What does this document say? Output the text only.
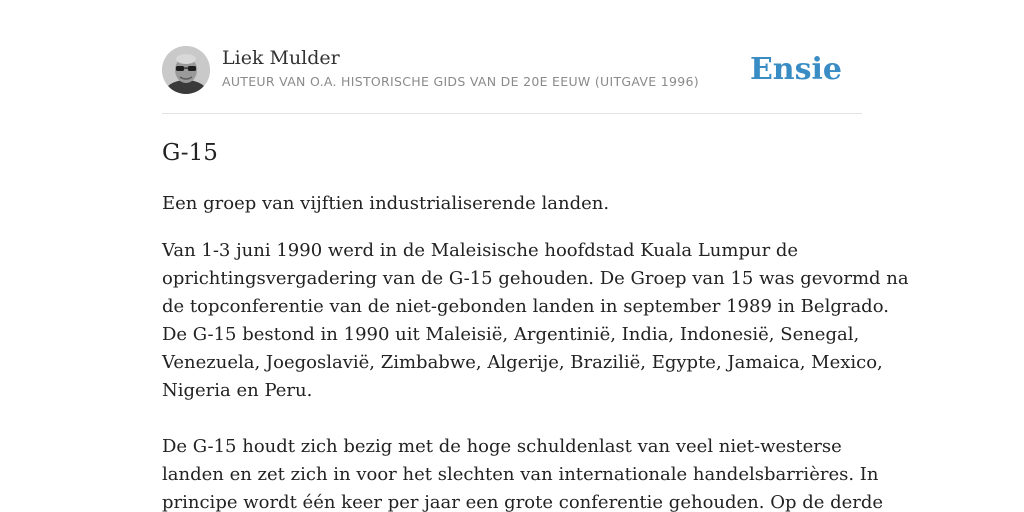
Liek Mulder
AUTEUR VAN O.A. HISTORISCHE GIDS VAN DE 20E EEUW (UITGAVE 1996) Ensie
G-15

Een groep van vijftien industrialiserende landen.

Van 1-3 juni 1990 werd in de Maleisische hoofdstad Kuala Lumpur de
oprichtingsvergadering van de G-15 gehouden. De Groep van 15 was gevormd na
de topconferentie van de niet-gebonden landen in september 1989 in Belgrado.
De G-15 bestond in 1990 uit Maleisië, Argentinië, India, Indonesië, Senegal,
Venezuela, Joegoslavië, Zimbabwe, Algerije, Brazilië, Egypte, Jamaica, Mexico,
Nigeria en Peru.

De G-15 houdt zich bezig met de hoge schuldenlast van veel niet-westerse
landen en zet zich in voor het slechten van internationale handelsbarrières. In
principe wordt één keer per jaar een grote conferentie gehouden. Op de derde
